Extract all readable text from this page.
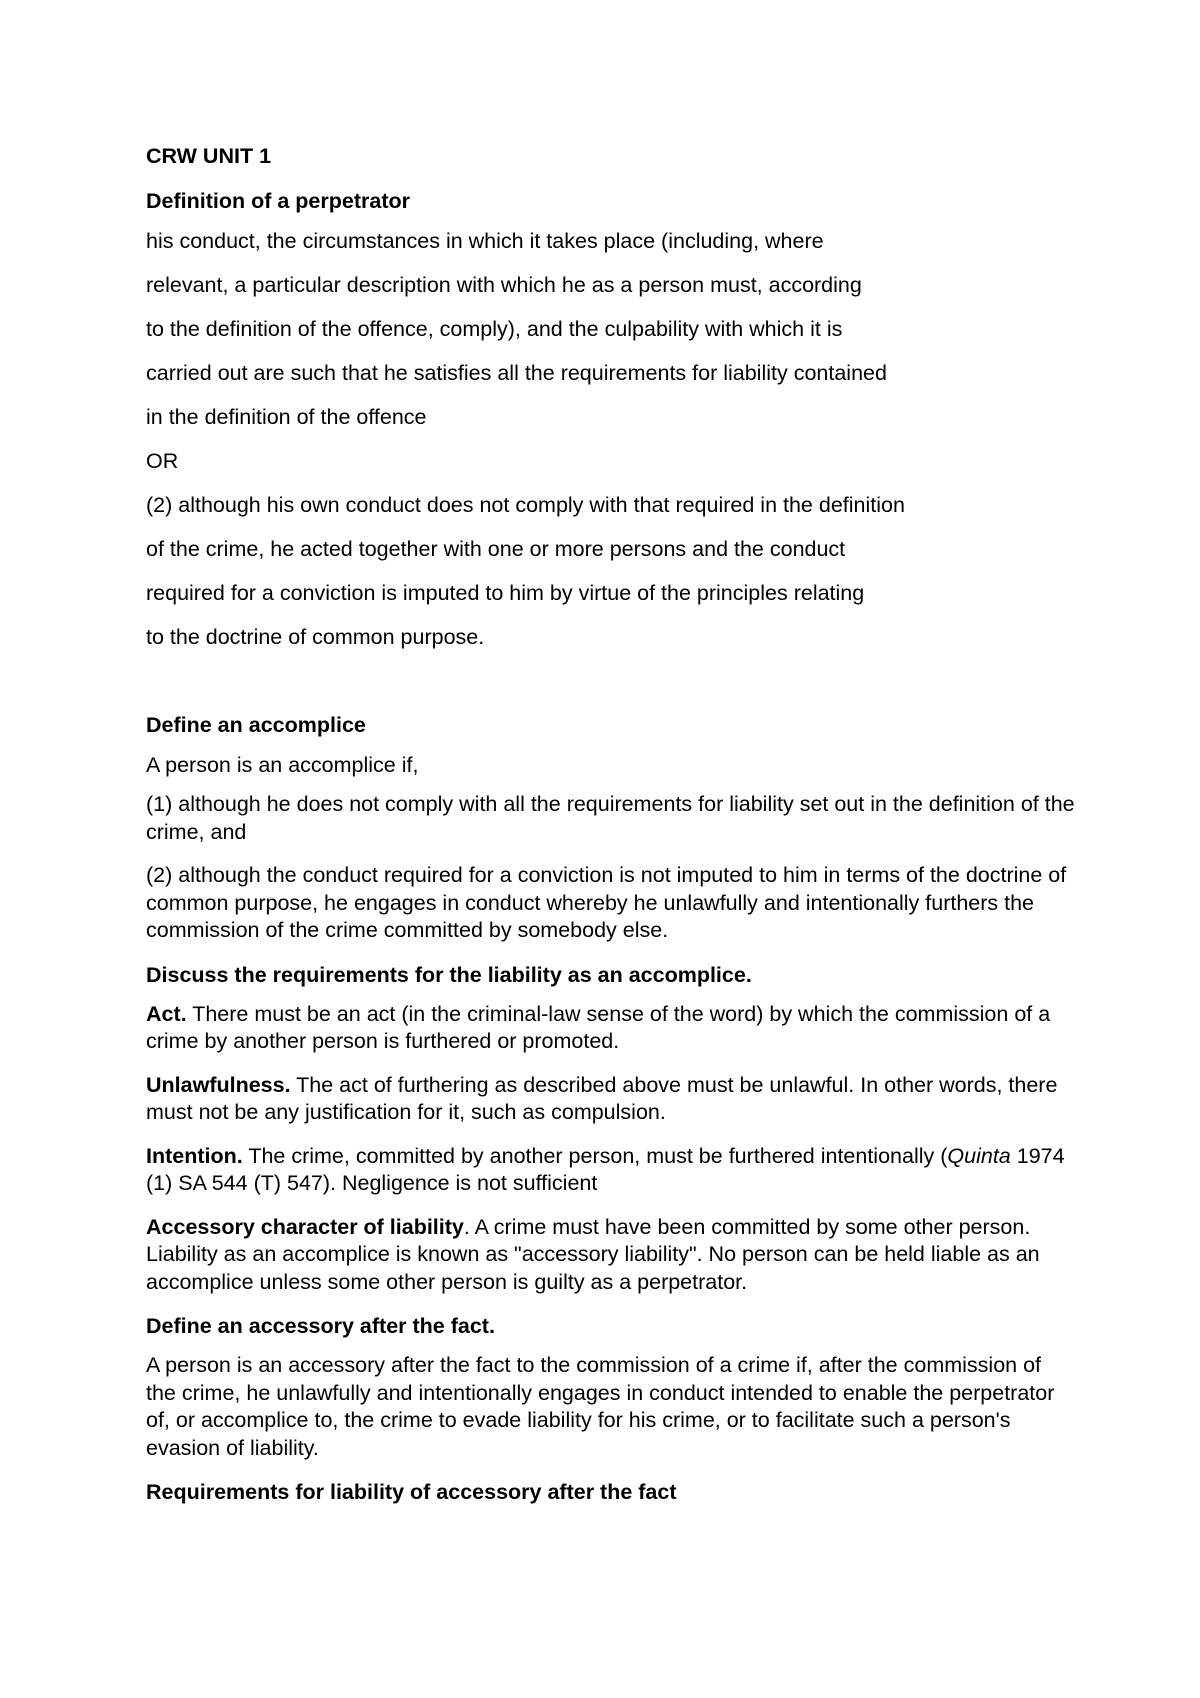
CRW UNIT 1
Definition of a perpetrator
his conduct, the circumstances in which it takes place (including, where
relevant, a particular description with which he as a person must, according
to the definition of the offence, comply), and the culpability with which it is
carried out are such that he satisfies all the requirements for liability contained
in the definition of the offence
OR
(2) although his own conduct does not comply with that required in the definition
of the crime, he acted together with one or more persons and the conduct
required for a conviction is imputed to him by virtue of the principles relating
to the doctrine of common purpose.
Define an accomplice
A person is an accomplice if,
(1) although he does not comply with all the requirements for liability set out in the definition of the crime, and
(2) although the conduct required for a conviction is not imputed to him in terms of the doctrine of common purpose, he engages in conduct whereby he unlawfully and intentionally furthers the commission of the crime committed by somebody else.
Discuss the requirements for the liability as an accomplice.
Act. There must be an act (in the criminal-law sense of the word) by which the commission of a crime by another person is furthered or promoted.
Unlawfulness. The act of furthering as described above must be unlawful. In other words, there must not be any justification for it, such as compulsion.
Intention. The crime, committed by another person, must be furthered intentionally (Quinta 1974 (1) SA 544 (T) 547). Negligence is not sufficient
Accessory character of liability. A crime must have been committed by some other person. Liability as an accomplice is known as "accessory liability". No person can be held liable as an accomplice unless some other person is guilty as a perpetrator.
Define an accessory after the fact.
A person is an accessory after the fact to the commission of a crime if, after the commission of the crime, he unlawfully and intentionally engages in conduct intended to enable the perpetrator of, or accomplice to, the crime to evade liability for his crime, or to facilitate such a person's evasion of liability.
Requirements for liability of accessory after the fact
